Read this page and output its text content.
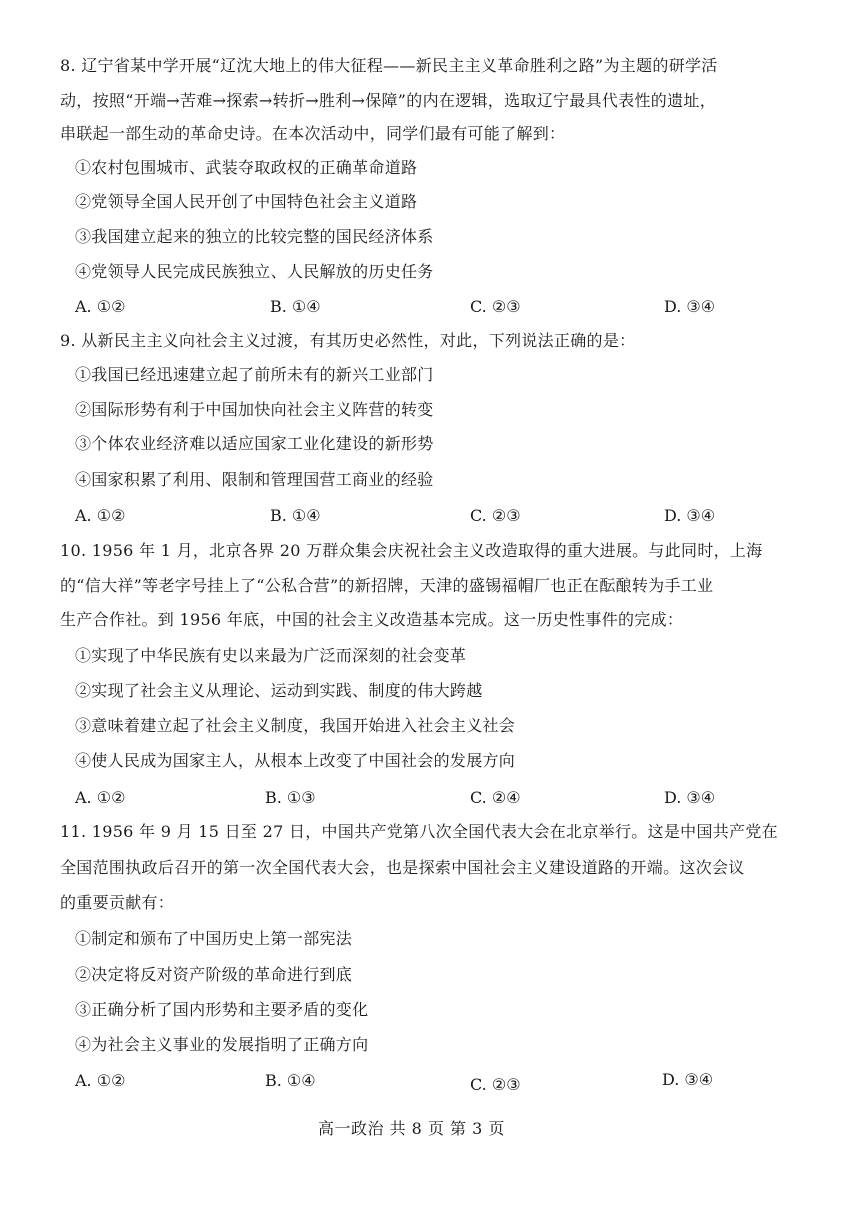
8. 辽宁省某中学开展“辽沈大地上的伟大征程——新民主主义革命胜利之路”为主题的研学活
动，按照“开端→苦难→探索→转折→胜利→保障”的内在逻辑，选取辽宁最具代表性的遗址，
串联起一部生动的革命史诗。在本次活动中，同学们最有可能了解到：
①农村包围城市、武装夺取政权的正确革命道路
②党领导全国人民开创了中国特色社会主义道路
③我国建立起来的独立的比较完整的国民经济体系
④党领导人民完成民族独立、人民解放的历史任务
A. ①②	B. ①④	C. ②③	D. ③④
9. 从新民主主义向社会主义过渡，有其历史必然性，对此，下列说法正确的是：
①我国已经迅速建立起了前所未有的新兴工业部门
②国际形势有利于中国加快向社会主义阵营的转变
③个体农业经济难以适应国家工业化建设的新形势
④国家积累了利用、限制和管理国营工商业的经验
A. ①②	B. ①④	C. ②③	D. ③④
10. 1956 年 1 月，北京各界 20 万群众集会庆祝社会主义改造取得的重大进展。与此同时，上海
的“信大祥”等老字号挂上了“公私合营”的新招牌，天津的盛锡福帽厂也正在酝酿转为手工业
生产合作社。到 1956 年底，中国的社会主义改造基本完成。这一历史性事件的完成：
①实现了中华民族有史以来最为广泛而深刻的社会变革
②实现了社会主义从理论、运动到实践、制度的伟大跨越
③意味着建立起了社会主义制度，我国开始进入社会主义社会
④使人民成为国家主人，从根本上改变了中国社会的发展方向
A. ①②	B. ①③	C. ②④	D. ③④
11. 1956 年 9 月 15 日至 27 日，中国共产党第八次全国代表大会在北京举行。这是中国共产党在
全国范围执政后召开的第一次全国代表大会，也是探索中国社会主义建设道路的开端。这次会议
的重要贡献有：
①制定和颁布了中国历史上第一部宪法
②决定将反对资产阶级的革命进行到底
③正确分析了国内形势和主要矛盾的变化
④为社会主义事业的发展指明了正确方向
A. ①②	B. ①④	C. ②③	D. ③④
高一政治 共 8 页 第 3 页
